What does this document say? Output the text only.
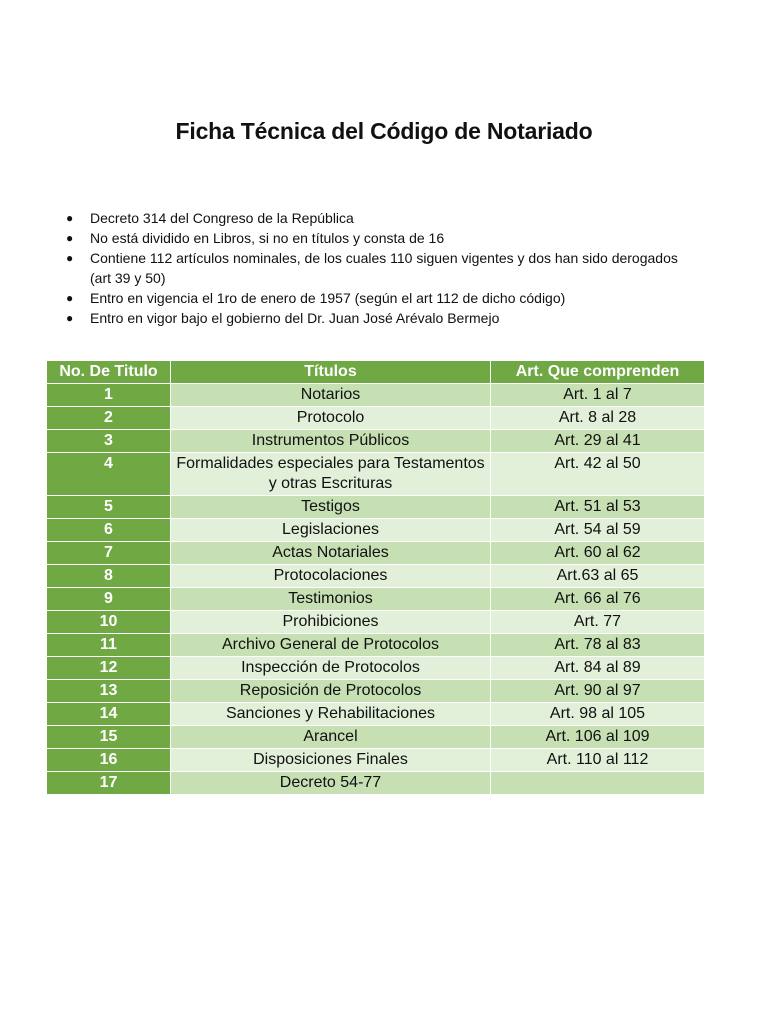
Ficha Técnica del Código de Notariado
● Decreto 314 del Congreso de la República
● No está dividido en Libros, si no en títulos y consta de 16
● Contiene 112 artículos nominales, de los cuales 110 siguen vigentes y dos han sido derogados (art 39 y 50)
● Entro en vigencia el 1ro de enero de 1957 (según el art 112 de dicho código)
● Entro en vigor bajo el gobierno del Dr. Juan José Arévalo Bermejo
No. De Titulo	Títulos	Art. Que comprenden
1	Notarios	Art. 1 al 7
2	Protocolo	Art. 8 al 28
3	Instrumentos Públicos	Art. 29 al 41
4	Formalidades especiales para Testamentos y otras Escrituras	Art. 42 al 50
5	Testigos	Art. 51 al 53
6	Legislaciones	Art. 54 al 59
7	Actas Notariales	Art. 60 al 62
8	Protocolaciones	Art.63 al 65
9	Testimonios	Art. 66 al 76
10	Prohibiciones	Art. 77
11	Archivo General de Protocolos	Art. 78 al 83
12	Inspección de Protocolos	Art. 84 al 89
13	Reposición de Protocolos	Art. 90 al 97
14	Sanciones y Rehabilitaciones	Art. 98 al 105
15	Arancel	Art. 106 al 109
16	Disposiciones Finales	Art. 110 al 112
17	Decreto 54-77	
